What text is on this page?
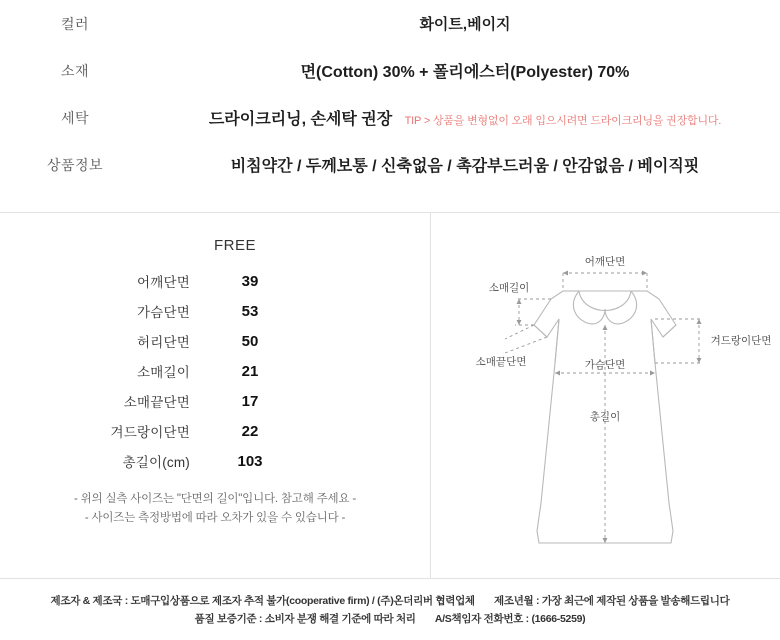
컬러	화이트,베이지
소재	면(Cotton) 30% + 폴리에스터(Polyester) 70%
세탁	드라이크리닝, 손세탁 권장 TIP > 상품을 변형없이 오래 입으시려면 드라이크리닝을 권장합니다.
상품정보	비침약간 / 두께보통 / 신축없음 / 촉감부드러움 / 안감없음 / 베이직핏
FREE
어깨단면	39
가슴단면	53
허리단면	50
소매길이	21
소매끝단면	17
겨드랑이단면	22
총길이(cm)	103
- 위의 실측 사이즈는 "단면의 길이"입니다. 참고해 주세요 -
- 사이즈는 측정방법에 따라 오차가 있을 수 있습니다 -
어깨단면
소매길이
겨드랑이단면
소매끝단면	가슴단면
총길이
제조자 & 제조국 : 도매구입상품으로 제조자 추적 불가(cooperative firm) / (주)온더리버 협력업체 제조년월 : 가장 최근에 제작된 상품을 발송해드립니다
품질 보증기준 : 소비자 분쟁 해결 기준에 따라 처리 A/S책임자 전화번호 : (1666-5259)
